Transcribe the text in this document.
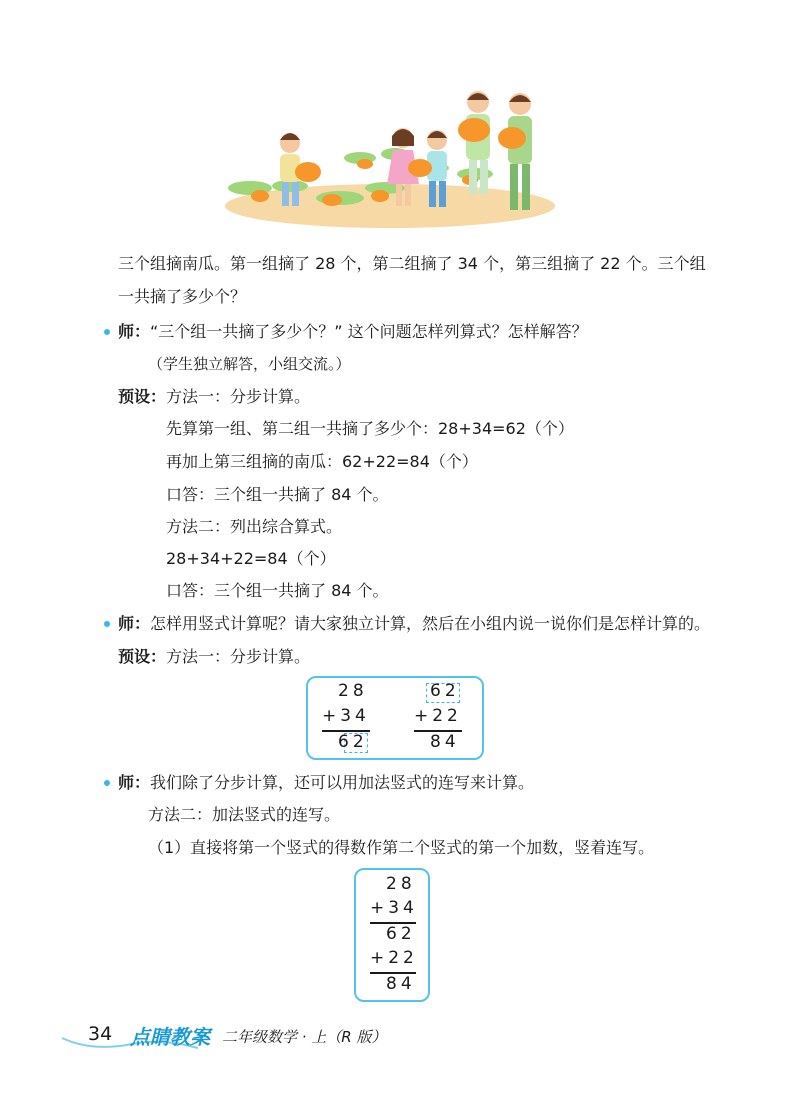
三个组摘南瓜。第一组摘了 28 个，第二组摘了 34 个，第三组摘了 22 个。三个组
一共摘了多少个？
师：“三个组一共摘了多少个？” 这个问题怎样列算式？怎样解答？
（学生独立解答，小组交流。）
预设：方法一：分步计算。
先算第一组、第二组一共摘了多少个：28+34=62（个）
再加上第三组摘的南瓜：62+22=84（个）
口答：三个组一共摘了 84 个。
方法二：列出综合算式。
28+34+22=84（个）
口答：三个组一共摘了 84 个。
师：怎样用竖式计算呢？请大家独立计算，然后在小组内说一说你们是怎样计算的。
预设：方法一：分步计算。
28
+34
62
62
+22
84
师：我们除了分步计算，还可以用加法竖式的连写来计算。
方法二：加法竖式的连写。
（1）直接将第一个竖式的得数作第二个竖式的第一个加数，竖着连写。
28
+34
62
+22
84
34 点睛教案 二年级数学 · 上（R 版）
